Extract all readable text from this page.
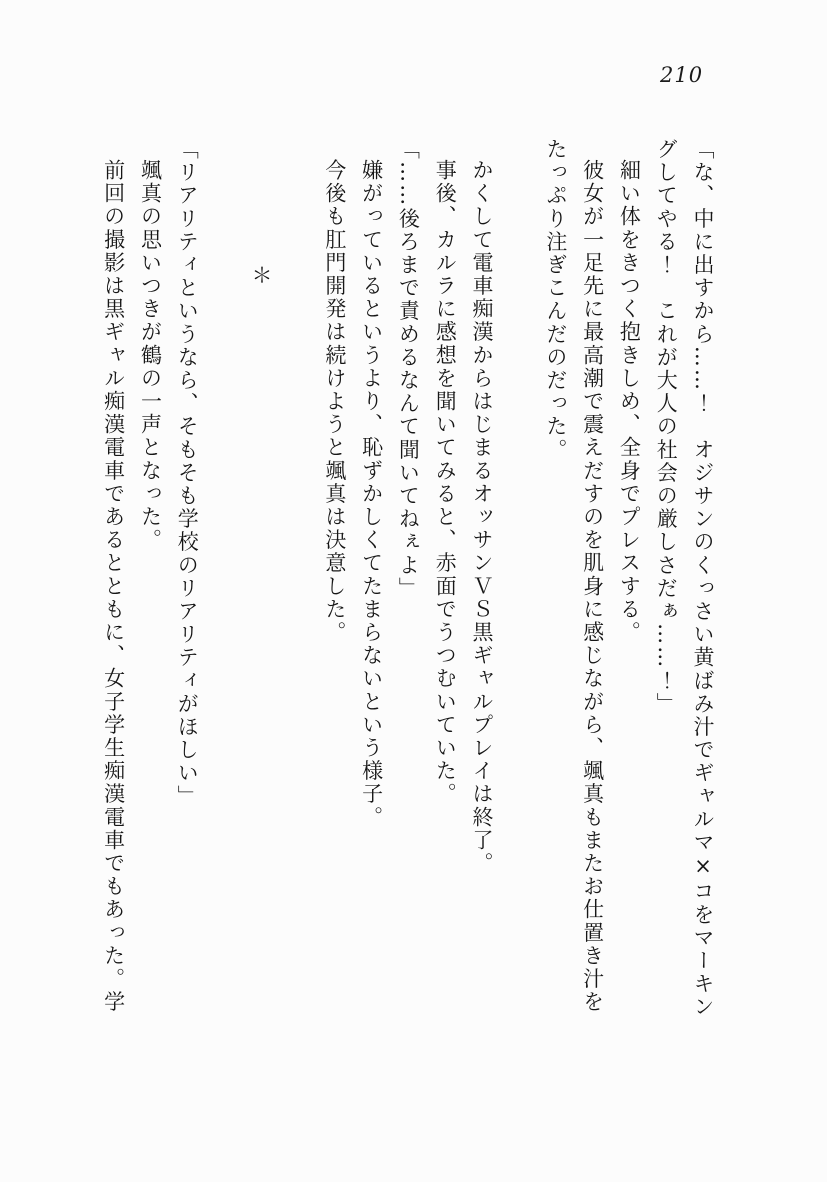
210

「な、中に出すから……！　オジサンのくっさい黄ばみ汁でギャルマ×コをマーキン

グしてやる！　これが大人の社会の厳しさだぁ……！」

細い体をきつく抱きしめ、全身でプレスする。

彼女が一足先に最高潮で震えだすのを肌身に感じながら、颯真もまたお仕置き汁を

たっぷり注ぎこんだのだった。

かくして電車痴漢からはじまるオッサンＶＳ黒ギャルプレイは終了。

事後、カルラに感想を聞いてみると、赤面でうつむいていた。

「……後ろまで責めるなんて聞いてねぇよ」

嫌がっているというより、恥ずかしくてたまらないという様子。

今後も肛門開発は続けようと颯真は決意した。

＊

「リアリティというなら、そもそも学校のリアリティがほしい」

颯真の思いつきが鶴の一声となった。

前回の撮影は黒ギャル痴漢電車であるとともに、女子学生痴漢電車でもあった。学
